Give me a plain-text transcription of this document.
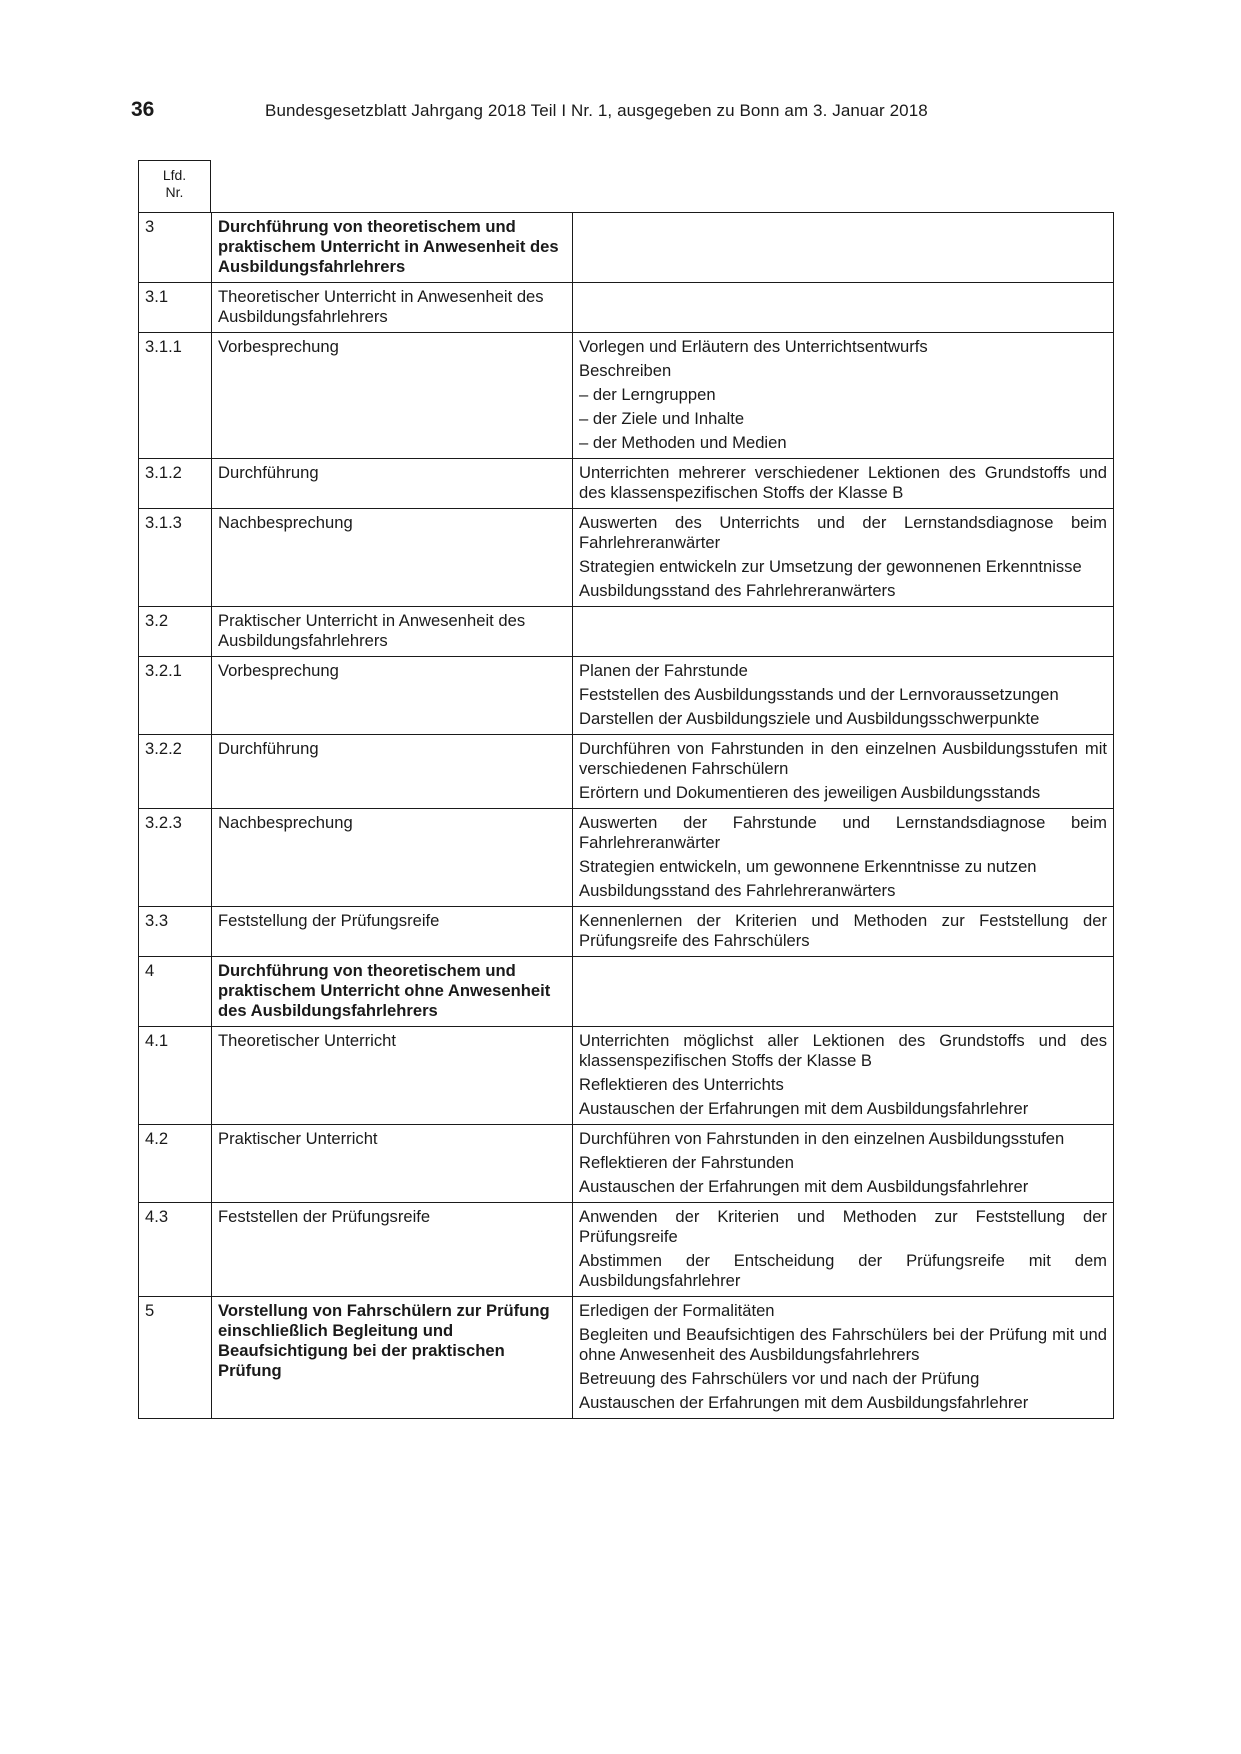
36	Bundesgesetzblatt Jahrgang 2018 Teil I Nr. 1, ausgegeben zu Bonn am 3. Januar 2018
Lfd.
Nr.
3	Durchführung von theoretischem und praktischem Unterricht in Anwesenheit des Ausbildungsfahrlehrers	
3.1	Theoretischer Unterricht in Anwesenheit des Ausbildungsfahrlehrers	
3.1.1	Vorbesprechung	Vorlegen und Erläutern des Unterrichtsentwurfs
Beschreiben
– der Lerngruppen
– der Ziele und Inhalte
– der Methoden und Medien

3.1.2	Durchführung	Unterrichten mehrerer verschiedener Lektionen des Grundstoffs und des klassenspezifischen Stoffs der Klasse B

3.1.3	Nachbesprechung	Auswerten des Unterrichts und der Lernstandsdiagnose beim Fahrlehreranwärter
Strategien entwickeln zur Umsetzung der gewonnenen Erkenntnisse
Ausbildungsstand des Fahrlehreranwärters

3.2	Praktischer Unterricht in Anwesenheit des Ausbildungsfahrlehrers	
3.2.1	Vorbesprechung	Planen der Fahrstunde
Feststellen des Ausbildungsstands und der Lernvoraussetzungen
Darstellen der Ausbildungsziele und Ausbildungsschwerpunkte

3.2.2	Durchführung	Durchführen von Fahrstunden in den einzelnen Ausbildungsstufen mit verschiedenen Fahrschülern
Erörtern und Dokumentieren des jeweiligen Ausbildungsstands

3.2.3	Nachbesprechung	Auswerten der Fahrstunde und Lernstandsdiagnose beim Fahrlehreranwärter
Strategien entwickeln, um gewonnene Erkenntnisse zu nutzen
Ausbildungsstand des Fahrlehreranwärters

3.3	Feststellung der Prüfungsreife	Kennenlernen der Kriterien und Methoden zur Feststellung der Prüfungsreife des Fahrschülers

4	Durchführung von theoretischem und praktischem Unterricht ohne Anwesenheit des Ausbildungsfahrlehrers	
4.1	Theoretischer Unterricht	Unterrichten möglichst aller Lektionen des Grundstoffs und des klassenspezifischen Stoffs der Klasse B
Reflektieren des Unterrichts
Austauschen der Erfahrungen mit dem Ausbildungsfahrlehrer

4.2	Praktischer Unterricht	Durchführen von Fahrstunden in den einzelnen Ausbildungsstufen
Reflektieren der Fahrstunden
Austauschen der Erfahrungen mit dem Ausbildungsfahrlehrer

4.3	Feststellen der Prüfungsreife	Anwenden der Kriterien und Methoden zur Feststellung der Prüfungsreife
Abstimmen der Entscheidung der Prüfungsreife mit dem Ausbildungsfahrlehrer

5	Vorstellung von Fahrschülern zur Prüfung einschließlich Begleitung und Beaufsichtigung bei der praktischen Prüfung	Erledigen der Formalitäten
Begleiten und Beaufsichtigen des Fahrschülers bei der Prüfung mit und ohne Anwesenheit des Ausbildungsfahrlehrers
Betreuung des Fahrschülers vor und nach der Prüfung
Austauschen der Erfahrungen mit dem Ausbildungsfahrlehrer
